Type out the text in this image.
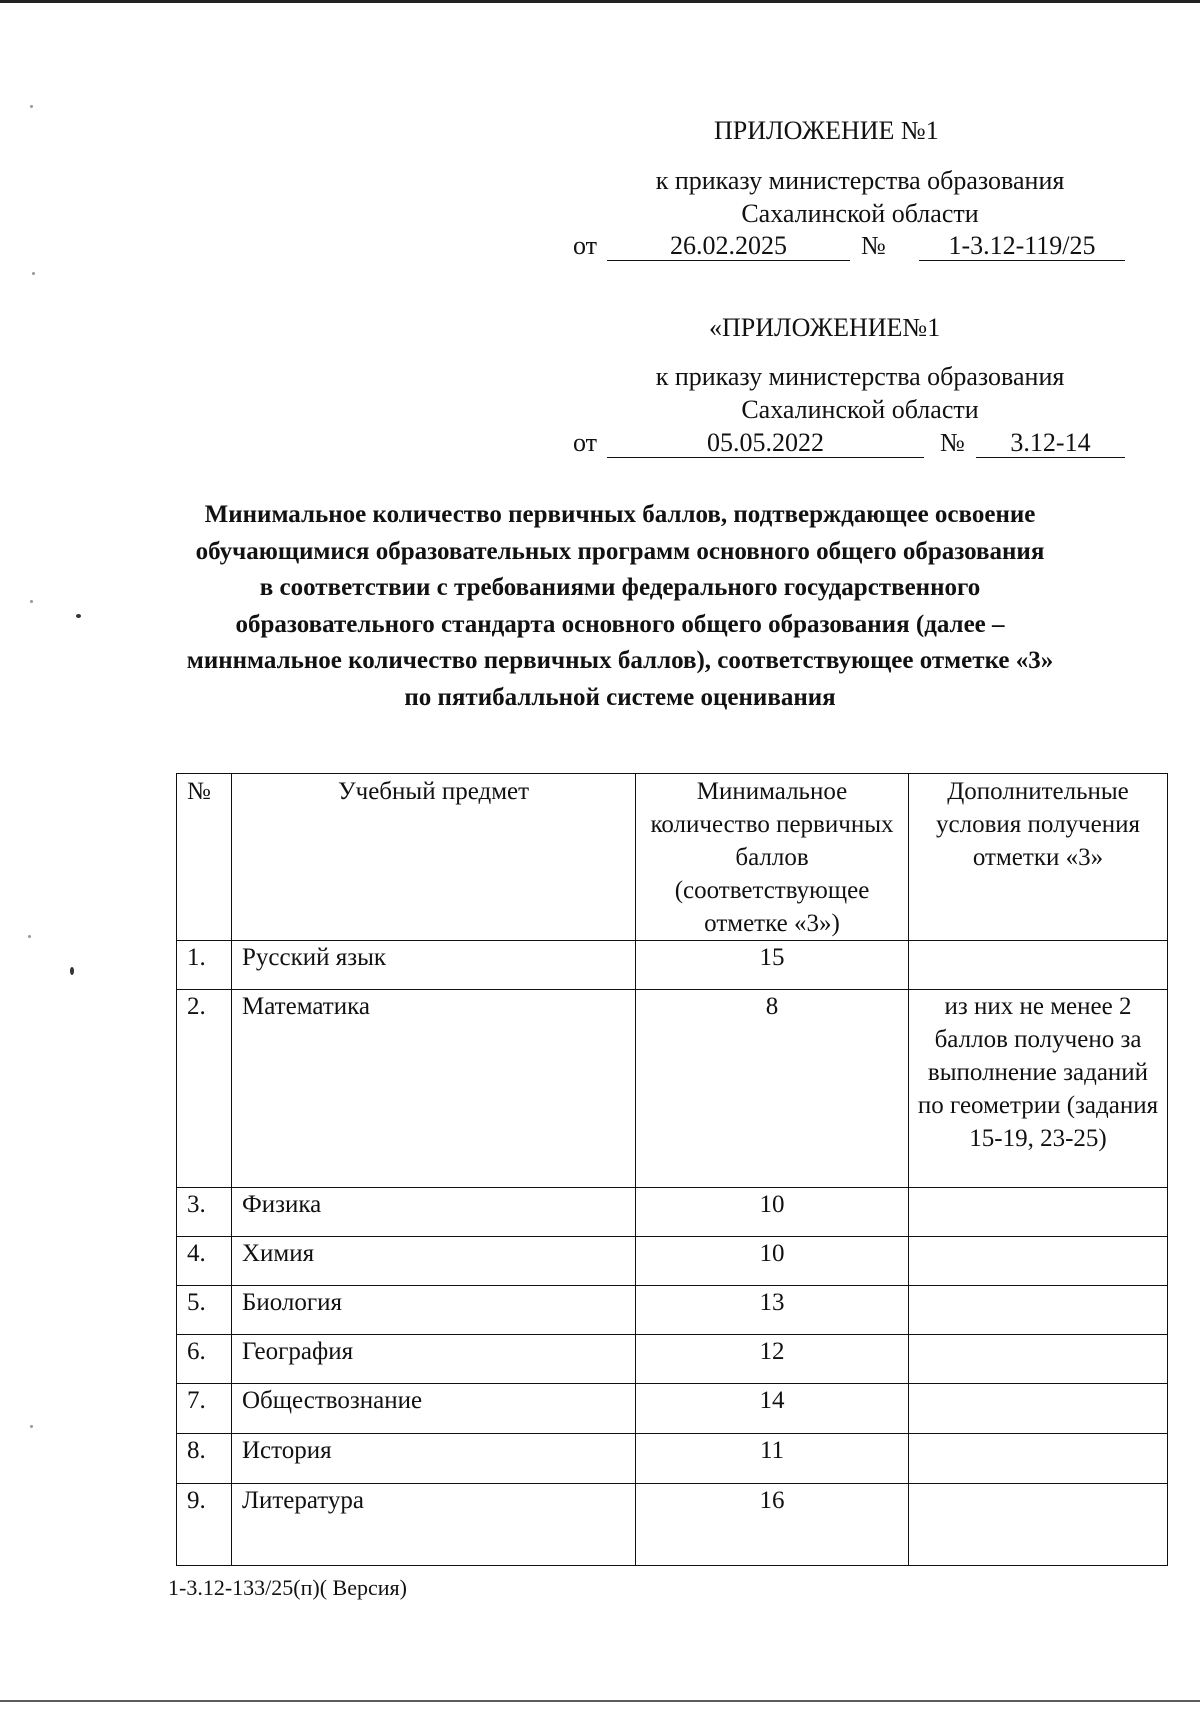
ПРИЛОЖЕНИЕ №1
к приказу министерства образования
Сахалинской области
от	26.02.2025	№	1-3.12-119/25
«ПРИЛОЖЕНИЕ№1
к приказу министерства образования
Сахалинской области
от	05.05.2022	№	3.12-14
Минимальное количество первичных баллов, подтверждающее освоение
обучающимися образовательных программ основного общего образования
в соответствии с требованиями федерального государственного
образовательного стандарта основного общего образования (далее –
миннмальное количество первичных баллов), соответствующее отметке «3»
по пятибалльной системе оценивания
№	Учебный предмет	Минимальное количество первичных баллов (соответствующее отметке «3»)	Дополнительные условия получения отметки «3»
1.	Русский язык	15	
2.	Математика	8	из них не менее 2 баллов получено за выполнение заданий по геометрии (задания 15-19, 23-25)
3.	Физика	10	
4.	Химия	10	
5.	Биология	13	
6.	География	12	
7.	Обществознание	14	
8.	История	11	
9.	Литература	16	
1-3.12-133/25(п)( Версия)
